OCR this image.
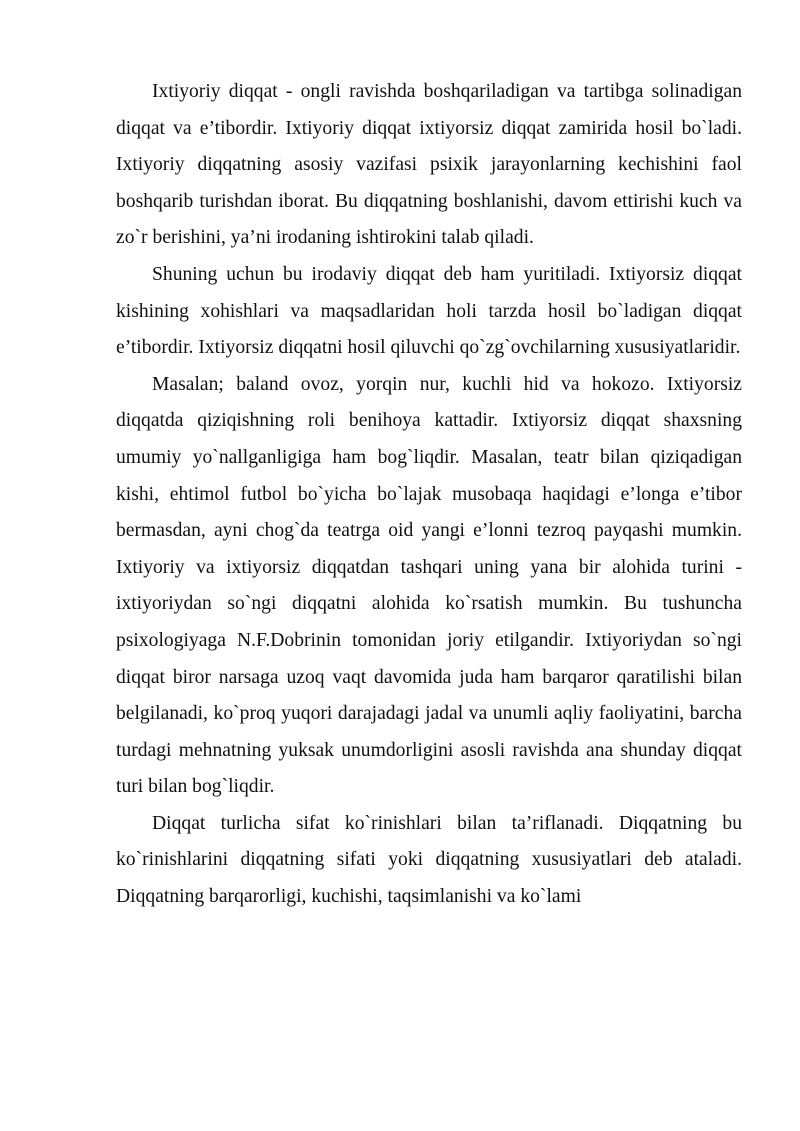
Ixtiyoriy diqqat - ongli ravishda boshqariladigan va tartibga solinadigan diqqat va e’tibordir. Ixtiyoriy diqqat ixtiyorsiz diqqat zamirida hosil bo`ladi. Ixtiyoriy diqqatning asosiy vazifasi psixik jarayonlarning kechishini faol boshqarib turishdan iborat. Bu diqqatning boshlanishi, davom ettirishi kuch va zo`r berishini, ya’ni irodaning ishtirokini talab qiladi.

Shuning uchun bu irodaviy diqqat deb ham yuritiladi. Ixtiyorsiz diqqat kishining xohishlari va maqsadlaridan holi tarzda hosil bo`ladigan diqqat e’tibordir. Ixtiyorsiz diqqatni hosil qiluvchi qo`zg`ovchilarning xususiyatlaridir.

Masalan; baland ovoz, yorqin nur, kuchli hid va hokozo. Ixtiyorsiz diqqatda qiziqishning roli benihoya kattadir. Ixtiyorsiz diqqat shaxsning umumiy yo`nallganligiga ham bog`liqdir. Masalan, teatr bilan qiziqadigan kishi, ehtimol futbol bo`yicha bo`lajak musobaqa haqidagi e’longa e’tibor bermasdan, ayni chog`da teatrga oid yangi e’lonni tezroq payqashi mumkin. Ixtiyoriy va ixtiyorsiz diqqatdan tashqari uning yana bir alohida turini - ixtiyoriydan so`ngi diqqatni alohida ko`rsatish mumkin. Bu tushuncha psixologiyaga N.F.Dobrinin tomonidan joriy etilgandir. Ixtiyoriydan so`ngi diqqat biror narsaga uzoq vaqt davomida juda ham barqaror qaratilishi bilan belgilanadi, ko`proq yuqori darajadagi jadal va unumli aqliy faoliyatini, barcha turdagi mehnatning yuksak unumdorligini asosli ravishda ana shunday diqqat turi bilan bog`liqdir.

Diqqat turlicha sifat ko`rinishlari bilan ta’riflanadi. Diqqatning bu ko`rinishlarini diqqatning sifati yoki diqqatning xususiyatlari deb ataladi. Diqqatning barqarorligi, kuchishi, taqsimlanishi va ko`lami
